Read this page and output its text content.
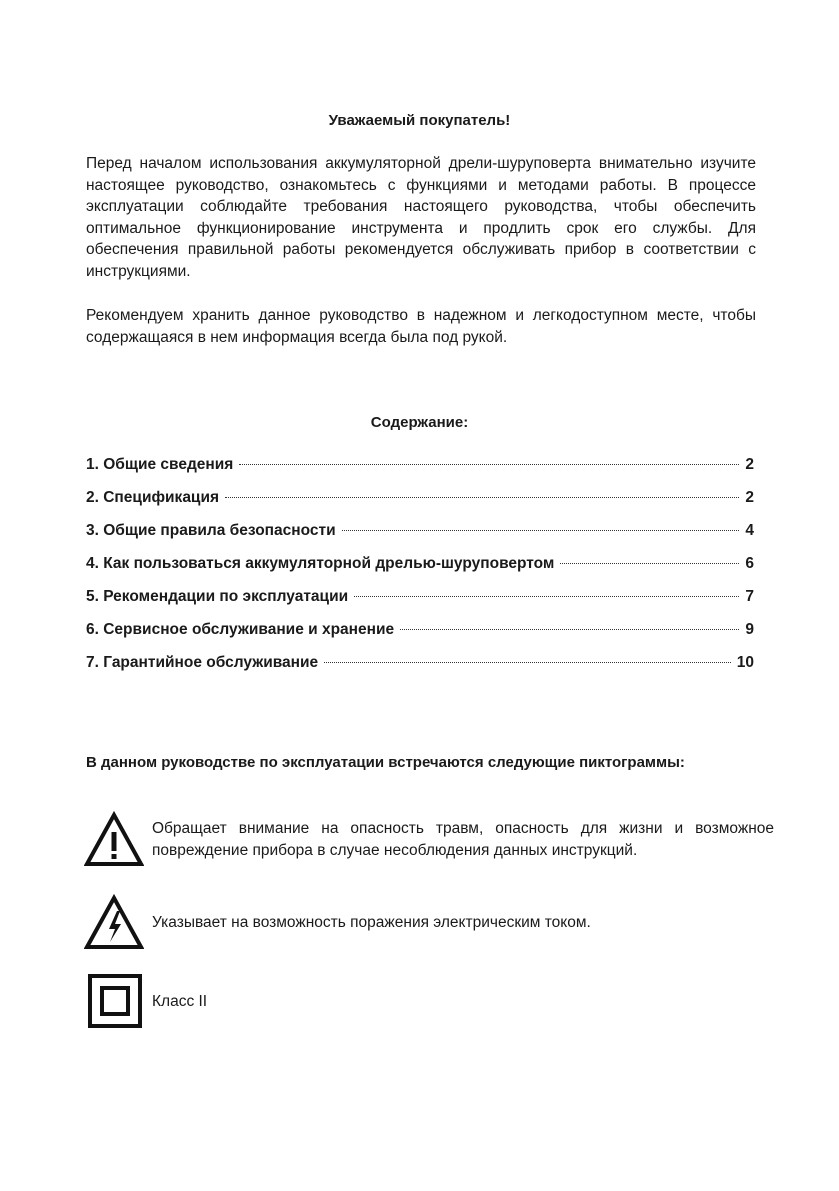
Уважаемый покупатель!

Перед началом использования аккумуляторной дрели-шуруповерта внимательно изучите настоящее руководство, ознакомьтесь с функциями и методами работы. В процессе эксплуатации соблюдайте требования настоящего руководства, чтобы обеспечить оптимальное функционирование инструмента и продлить срок его службы. Для обеспечения правильной работы рекомендуется обслуживать прибор в соответствии с инструкциями.

Рекомендуем хранить данное руководство в надежном и легкодоступном месте, чтобы содержащаяся в нем информация всегда была под рукой.

Содержание:
1. Общие сведения	2
2. Спецификация	2
3. Общие правила безопасности	4
4. Как пользоваться аккумуляторной дрелью-шуруповертом	6
5. Рекомендации по эксплуатации	7
6. Сервисное обслуживание и хранение	9
7. Гарантийное обслуживание	10
В данном руководстве по эксплуатации встречаются следующие пиктограммы:
Обращает внимание на опасность травм, опасность для жизни и возможное повреждение прибора в случае несоблюдения данных инструкций.
Указывает на возможность поражения электрическим током.
Класс II
